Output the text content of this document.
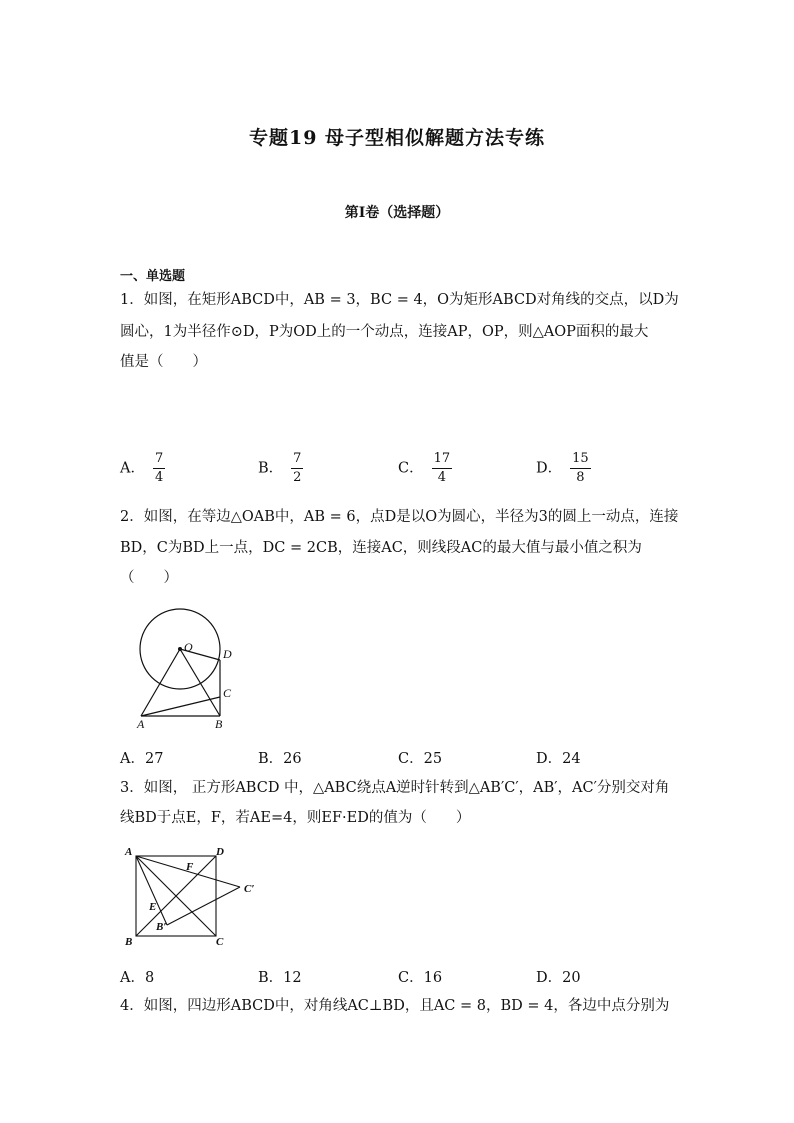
专题19 母子型相似解题方法专练
第I卷（选择题）
一、单选题
1．如图，在矩形ABCD中，AB = 3，BC = 4，O为矩形ABCD对角线的交点，以D为
圆心，1为半径作⊙D，P为OD上的一个动点，连接AP，OP，则△AOP面积的最大
值是（　　）
A． $\frac{7}{4}$	B． $\frac{7}{2}$	C． $\frac{17}{4}$	D． $\frac{15}{8}$
2．如图，在等边△OAB中，AB = 6，点D是以O为圆心，半径为3的圆上一动点，连接
BD，C为BD上一点，DC = 2CB，连接AC，则线段AC的最大值与最小值之积为
（　　）
O	D
C
A	B
A．27	B．26	C．25	D．24
3．如图， 正方形ABCD 中，△ABC绕点A逆时针转到△AB′C′，AB′，AC′分别交对角
线BD于点E，F，若AE=4，则EF·ED的值为（　　）
A	D
F
C′
E
B′
B	C
A．8	B．12	C．16	D．20
4．如图，四边形ABCD中，对角线AC⊥BD，且AC = 8，BD = 4，各边中点分别为
